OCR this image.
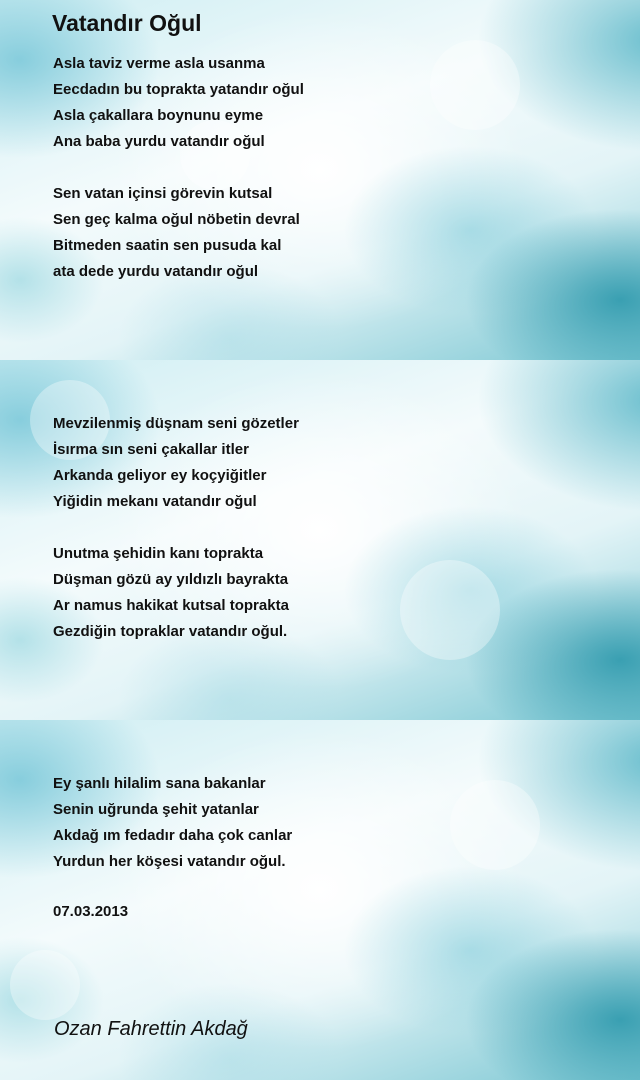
Vatandır Oğul
Asla taviz verme asla usanma
Eecdadın bu toprakta yatandır oğul
Asla çakallara boynunu eyme
Ana baba yurdu vatandır oğul
Sen vatan içinsi görevin kutsal
Sen geç kalma oğul nöbetin devral
Bitmeden saatin sen pusuda kal
ata dede yurdu vatandır oğul
Mevzilenmiş düşnam seni gözetler
İsırma sın seni çakallar itler
Arkanda geliyor ey koçyiğitler
Yiğidin mekanı vatandır oğul
Unutma şehidin kanı toprakta
Düşman gözü ay yıldızlı bayrakta
Ar namus hakikat kutsal toprakta
Gezdiğin topraklar vatandır oğul.
Ey şanlı hilalim sana bakanlar
Senin uğrunda şehit yatanlar
Akdağ ım fedadır daha çok canlar
Yurdun her köşesi vatandır oğul.
07.03.2013
Ozan Fahrettin Akdağ
